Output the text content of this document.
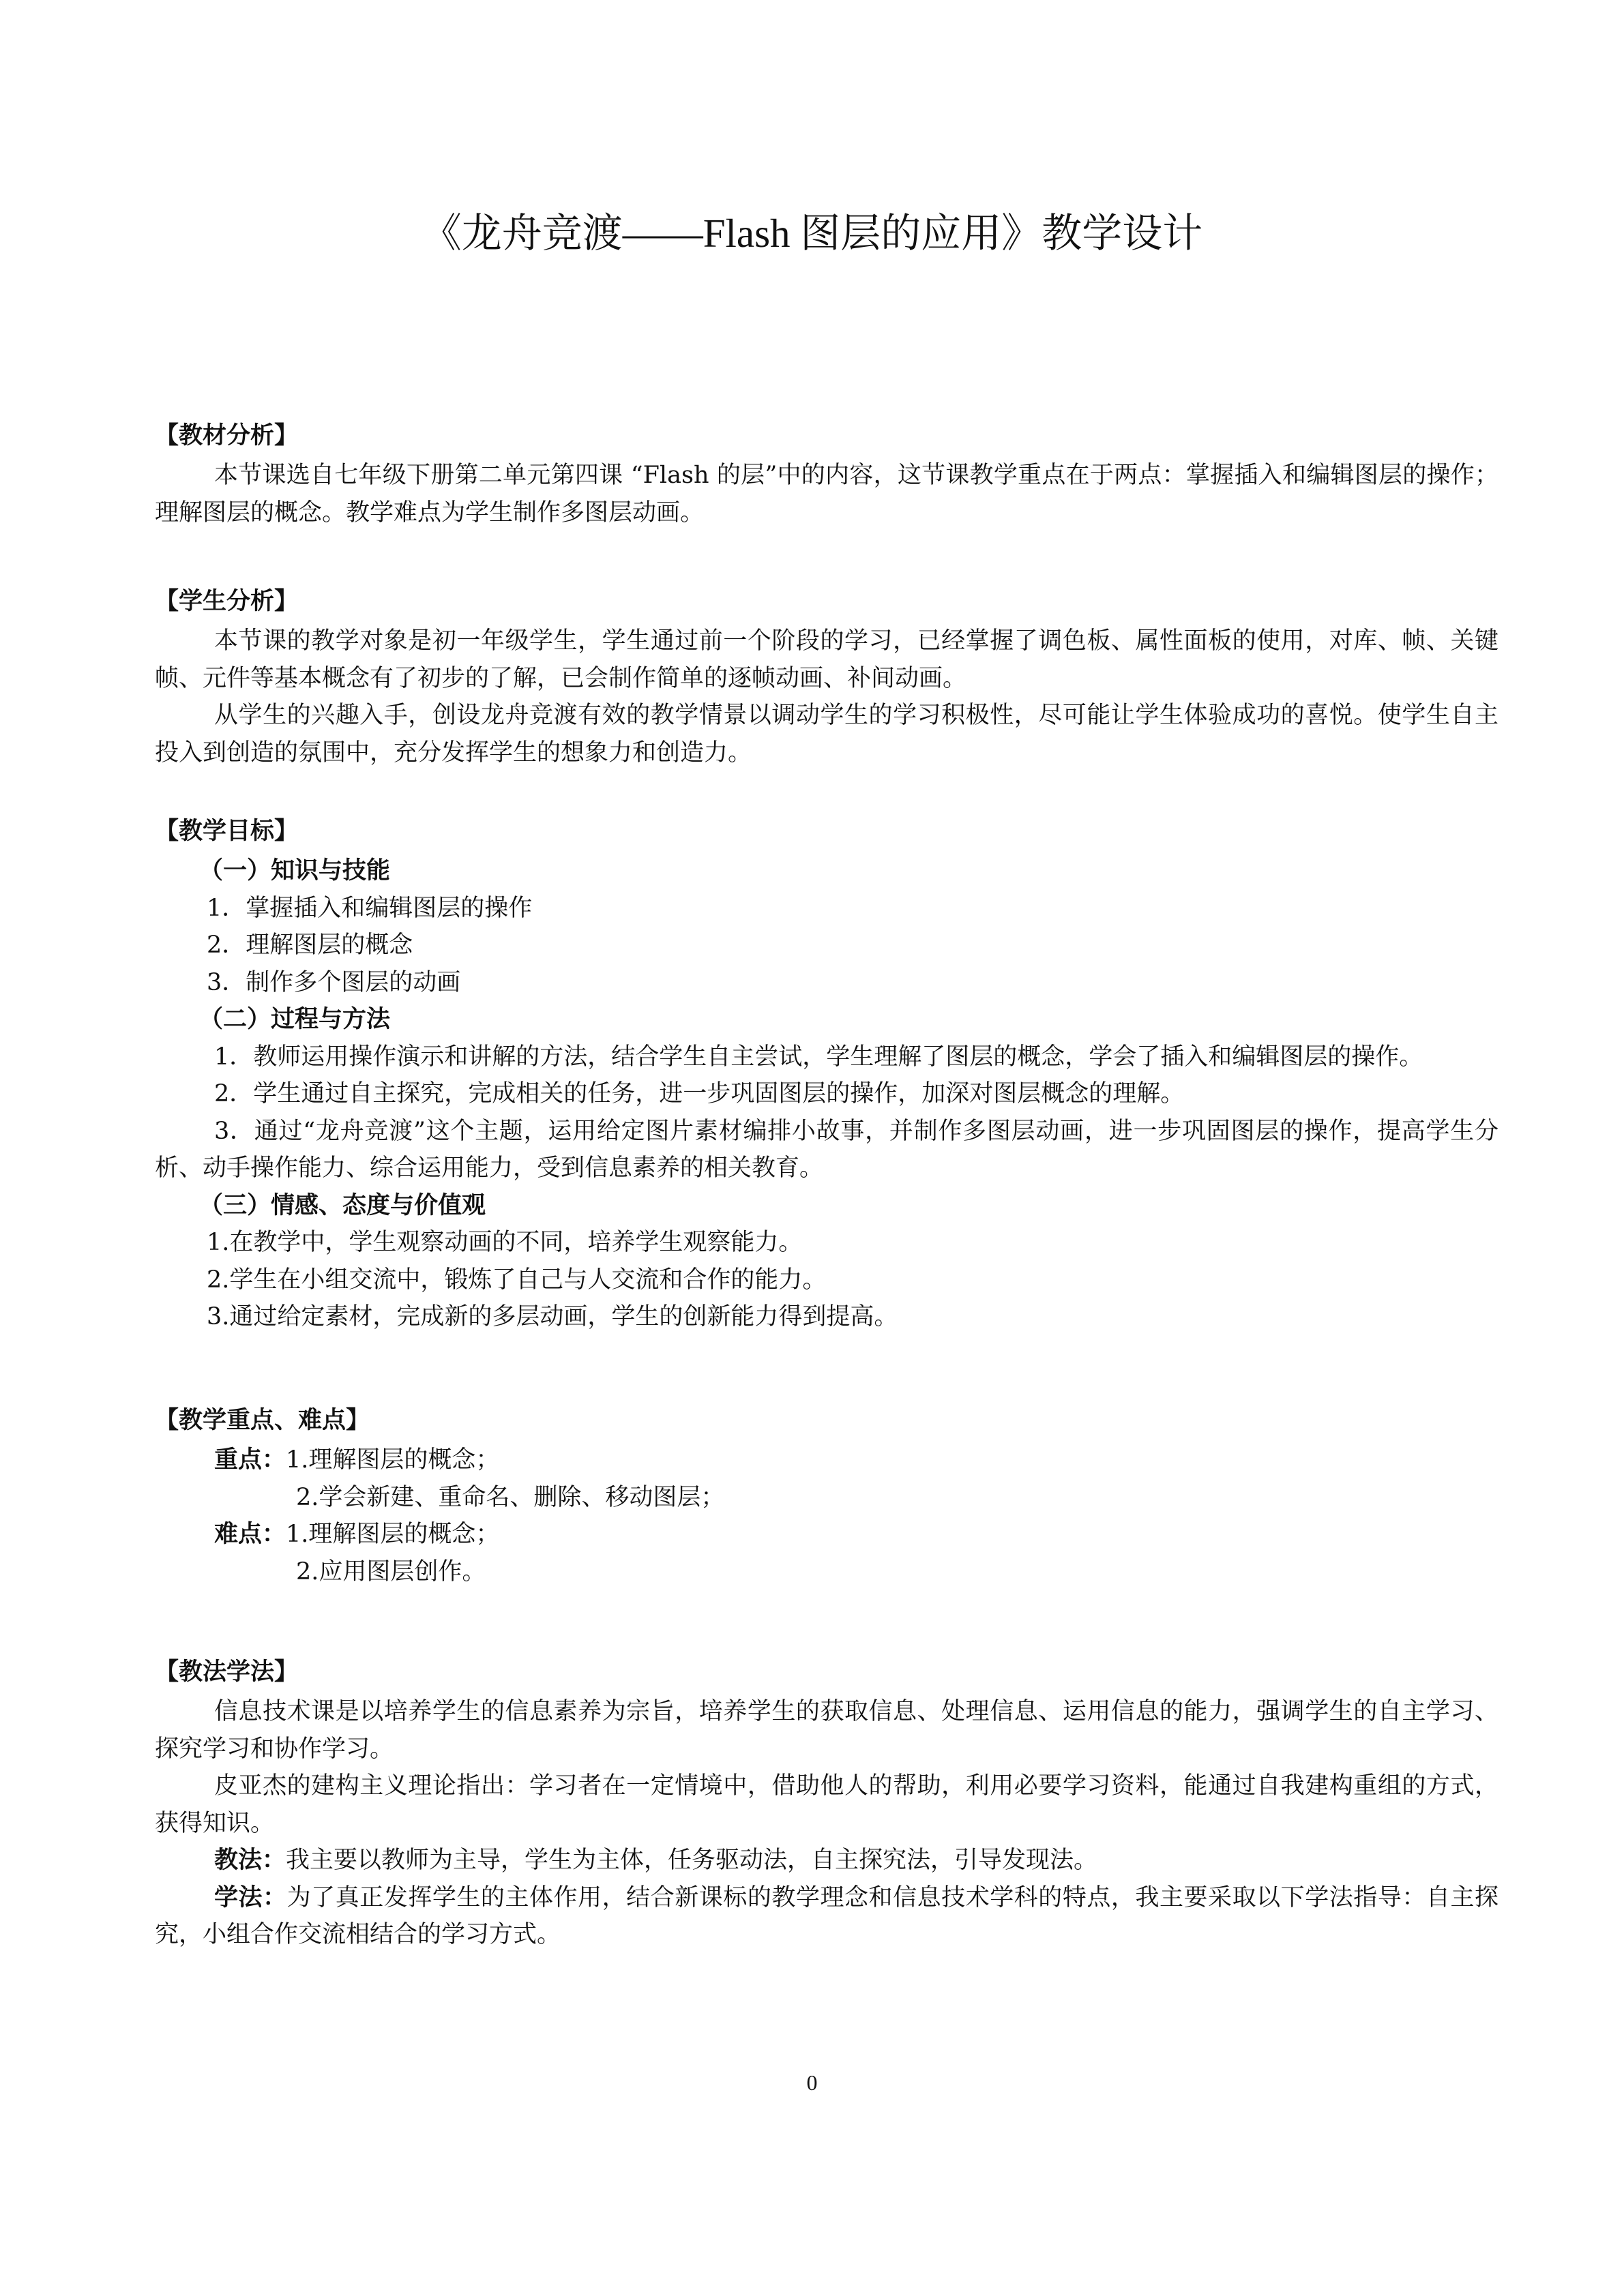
《龙舟竞渡——Flash 图层的应用》教学设计
【教材分析】
本节课选自七年级下册第二单元第四课 “Flash 的层”中的内容，这节课教学重点在于两点：掌握插入和编辑图层的操作；理解图层的概念。教学难点为学生制作多图层动画。
【学生分析】
本节课的教学对象是初一年级学生，学生通过前一个阶段的学习，已经掌握了调色板、属性面板的使用，对库、帧、关键帧、元件等基本概念有了初步的了解，已会制作简单的逐帧动画、补间动画。
从学生的兴趣入手，创设龙舟竞渡有效的教学情景以调动学生的学习积极性，尽可能让学生体验成功的喜悦。使学生自主投入到创造的氛围中，充分发挥学生的想象力和创造力。
【教学目标】
（一）知识与技能
1．掌握插入和编辑图层的操作
2．理解图层的概念
3．制作多个图层的动画
（二）过程与方法
1．教师运用操作演示和讲解的方法，结合学生自主尝试，学生理解了图层的概念，学会了插入和编辑图层的操作。
2．学生通过自主探究，完成相关的任务，进一步巩固图层的操作，加深对图层概念的理解。
3．通过“龙舟竞渡”这个主题，运用给定图片素材编排小故事，并制作多图层动画，进一步巩固图层的操作，提高学生分析、动手操作能力、综合运用能力，受到信息素养的相关教育。
（三）情感、态度与价值观
1.在教学中，学生观察动画的不同，培养学生观察能力。
2.学生在小组交流中，锻炼了自己与人交流和合作的能力。
3.通过给定素材，完成新的多层动画，学生的创新能力得到提高。
【教学重点、难点】
重点：1.理解图层的概念；
2.学会新建、重命名、删除、移动图层；
难点：1.理解图层的概念；
2.应用图层创作。
【教法学法】
信息技术课是以培养学生的信息素养为宗旨，培养学生的获取信息、处理信息、运用信息的能力，强调学生的自主学习、探究学习和协作学习。
皮亚杰的建构主义理论指出：学习者在一定情境中，借助他人的帮助，利用必要学习资料，能通过自我建构重组的方式，获得知识。
教法：我主要以教师为主导，学生为主体，任务驱动法，自主探究法，引导发现法。
学法：为了真正发挥学生的主体作用，结合新课标的教学理念和信息技术学科的特点，我主要采取以下学法指导：自主探究，小组合作交流相结合的学习方式。
0
